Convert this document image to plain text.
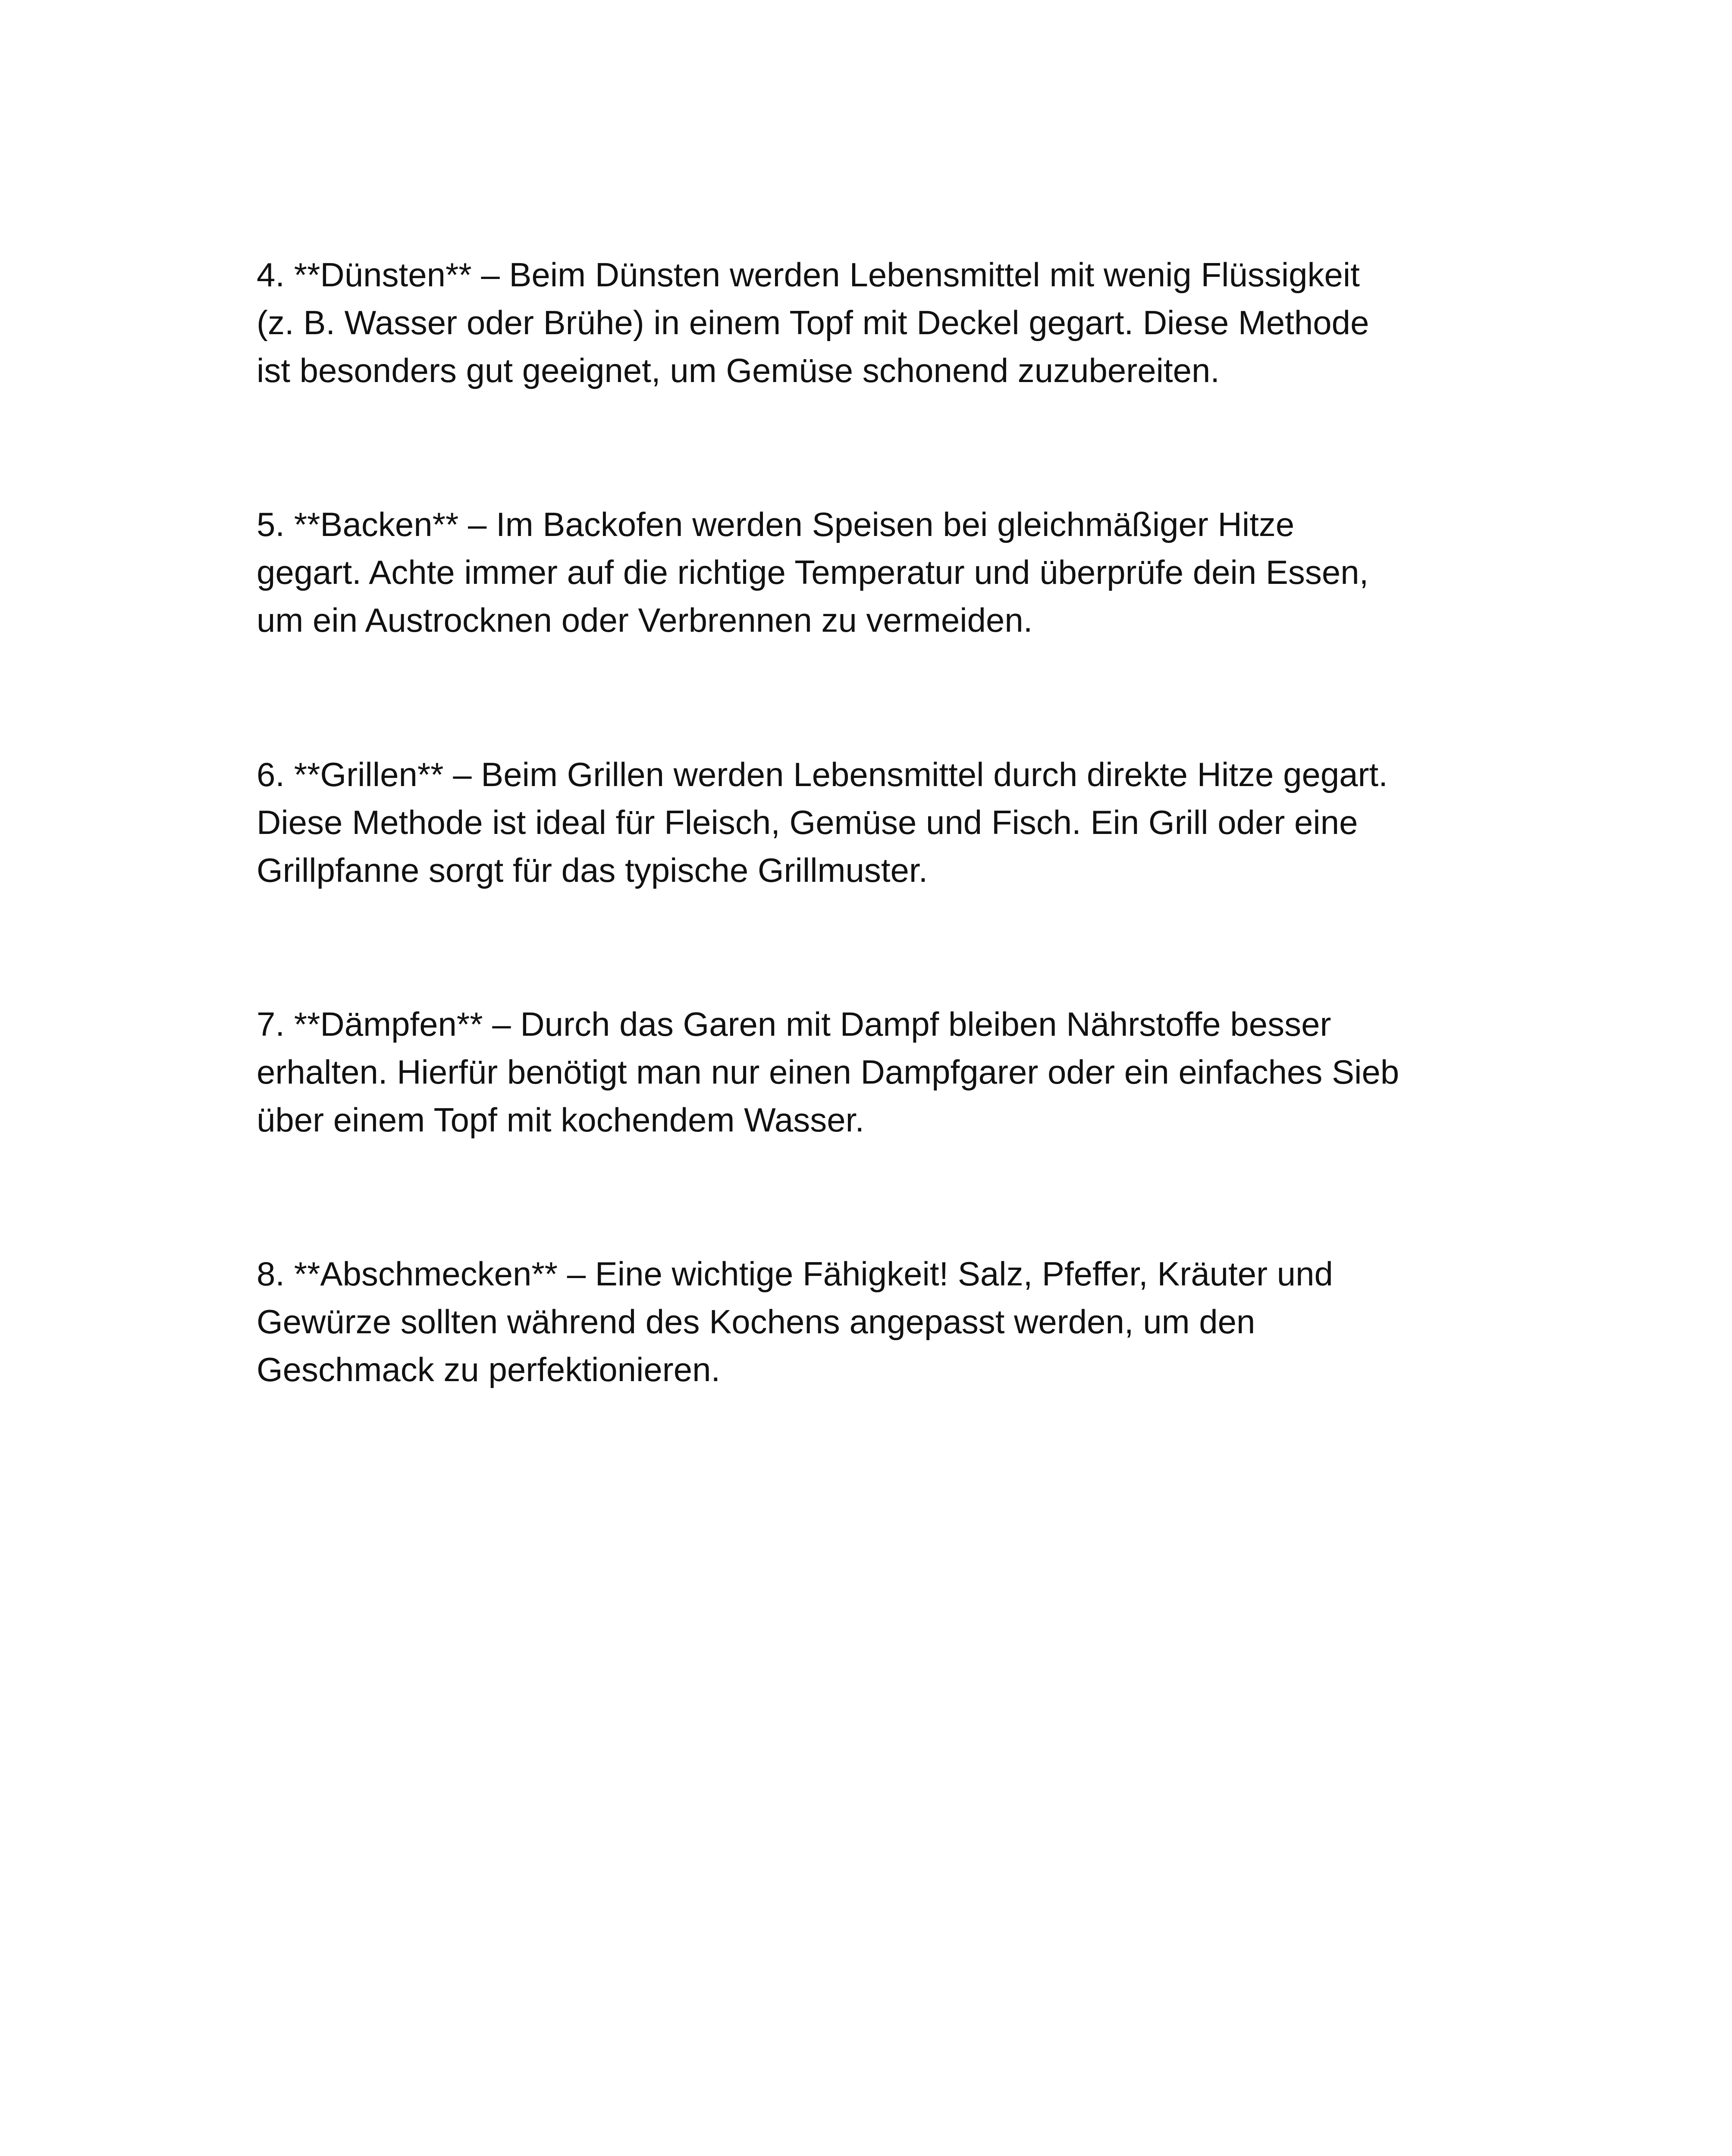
4. **Dünsten** – Beim Dünsten werden Lebensmittel mit wenig Flüssigkeit
(z. B. Wasser oder Brühe) in einem Topf mit Deckel gegart. Diese Methode
ist besonders gut geeignet, um Gemüse schonend zuzubereiten.
5. **Backen** – Im Backofen werden Speisen bei gleichmäßiger Hitze
gegart. Achte immer auf die richtige Temperatur und überprüfe dein Essen,
um ein Austrocknen oder Verbrennen zu vermeiden.
6. **Grillen** – Beim Grillen werden Lebensmittel durch direkte Hitze gegart.
Diese Methode ist ideal für Fleisch, Gemüse und Fisch. Ein Grill oder eine
Grillpfanne sorgt für das typische Grillmuster.
7. **Dämpfen** – Durch das Garen mit Dampf bleiben Nährstoffe besser
erhalten. Hierfür benötigt man nur einen Dampfgarer oder ein einfaches Sieb
über einem Topf mit kochendem Wasser.
8. **Abschmecken** – Eine wichtige Fähigkeit! Salz, Pfeffer, Kräuter und
Gewürze sollten während des Kochens angepasst werden, um den
Geschmack zu perfektionieren.
